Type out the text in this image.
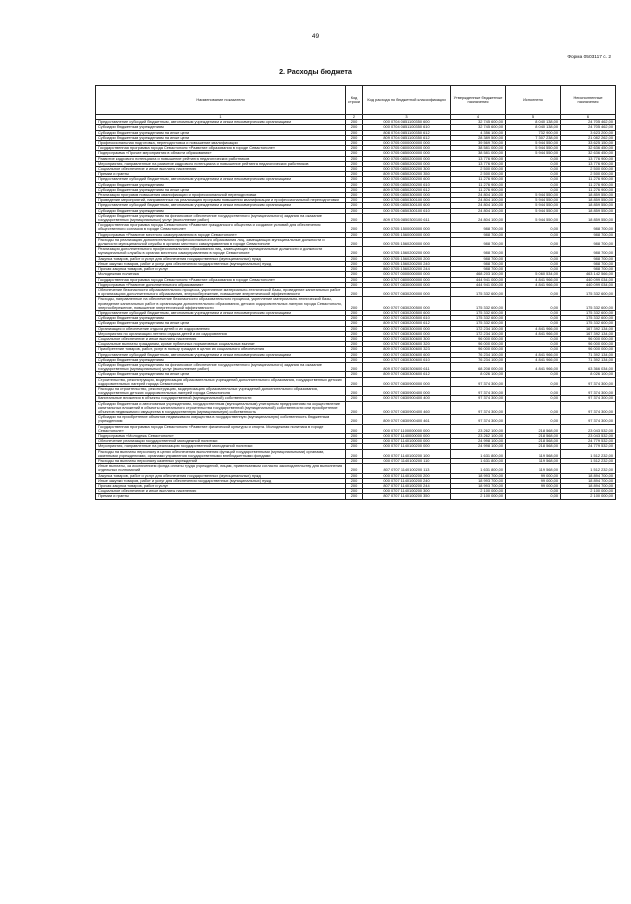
49
Форма 0503117 с. 2
2. Расходы бюджета
Наименование показателя	Код строки	Код расхода по бюджетной классификации	Утвержденные бюджетные назначения	Исполнено	Неисполненные назначения
1	2	3	4	5	6
Предоставление субсидий бюджетным, автономным учреждениям и иным некоммерческим организациям	200	000 0704 0851100350 600	32 745 600,00	8 040 138,00	24 705 462,00
Субсидии бюджетным учреждениям	200	000 0704 0851100350 610	32 745 600,00	8 040 138,00	24 705 462,00
Субсидии бюджетным учреждениям на иные цели	200	808 0704 0851100350 612	4 356 100,00	732 900,00	3 623 200,00
Субсидии бюджетным учреждениям на иные цели	200	809 0704 0851100350 612	28 389 500,00	7 307 238,00	21 082 262,00
Профессиональная подготовка, переподготовка и повышение квалификации	200	000 0705 0000000000 000	39 569 700,00	5 944 550,00	33 625 150,00
Государственная программа города Севастополя «Развитие образования в городе Севастополе»	200	000 0705 0800000000 000	38 581 000,00	5 944 550,00	32 636 450,00
Подпрограмма «Прочие мероприятия в области образования»	200	000 0705 0850000000 000	38 581 000,00	5 944 550,00	32 636 450,00
Развитие кадрового потенциала и повышение рейтинга педагогических работников	200	000 0705 0850200000 000	13 776 900,00	0,00	13 776 900,00
Мероприятия, направленные на развитие кадрового потенциала и повышение рейтинга педагогических работников	200	000 0705 0850200200 000	13 776 900,00	0,00	13 776 900,00
Социальное обеспечение и иные выплаты населению	200	000 0705 0850200200 300	2 500 000,00	0,00	2 500 000,00
Премии и гранты	200	809 0705 0850200200 350	2 500 000,00	0,00	2 500 000,00
Предоставление субсидий бюджетным, автономным учреждениям и иным некоммерческим организациям	200	000 0705 0850200200 600	11 276 900,00	0,00	11 276 900,00
Субсидии бюджетным учреждениям	200	000 0705 0850200200 610	11 276 900,00	0,00	11 276 900,00
Субсидии бюджетным учреждениям на иные цели	200	809 0705 0850200200 612	11 276 900,00	0,00	11 276 900,00
Реализация программ повышения квалификации и профессиональной переподготовки	200	000 0705 0850300000 000	24 804 100,00	5 944 550,00	18 859 550,00
Проведение мероприятий, направленных на реализацию программ повышения квалификации и профессиональной переподготовки	200	000 0705 0850300100 000	24 804 100,00	5 944 550,00	18 859 550,00
Предоставление субсидий бюджетным, автономным учреждениям и иным некоммерческим организациям	200	000 0705 0850300100 600	24 804 100,00	5 944 550,00	18 859 550,00
Субсидии бюджетным учреждениям	200	000 0705 0850300100 610	24 804 100,00	5 944 550,00	18 859 550,00
Субсидии бюджетным учреждениям на финансовое обеспечение государственного (муниципального) задания на оказание государственных (муниципальных) услуг (выполнение работ)	200	809 0705 0850300100 611	24 804 100,00	5 944 550,00	18 859 550,00
Государственная программа города Севастополя «Развитие гражданского общества и создание условий для обеспечения общественного согласия в городе Севастополе»	200	000 0705 1500000000 000	988 700,00	0,00	988 700,00
Подпрограмма «Развитие местного самоуправления в городе Севастополе»	200	000 0705 1560000000 000	988 700,00	0,00	988 700,00
Расходы на реализацию дополнительного профессионального образования лиц, замещающих муниципальные должности и должности муниципальной службы в органах местного самоуправления в городе Севастополе	200	000 0705 1560200000 000	988 700,00	0,00	988 700,00
Реализация дополнительного профессионального образования лиц, замещающих муниципальные должности и должности муниципальной службы в органах местного самоуправления в городе Севастополе	200	000 0705 1560200200 000	988 700,00	0,00	988 700,00
Закупка товаров, работ и услуг для обеспечения государственных (муниципальных) нужд	200	000 0705 1560200200 200	988 700,00	0,00	988 700,00
Иные закупки товаров, работ и услуг для обеспечения государственных (муниципальных) нужд	200	000 0705 1560200200 240	988 700,00	0,00	988 700,00
Прочая закупка товаров, работ и услуг	200	860 0705 1560200200 244	988 700,00	0,00	988 700,00
Молодежная политика	200	000 0707 0000000000 000	468 203 100,00	5 060 534,00	463 142 566,00
Государственная программа города Севастополя «Развитие образования в городе Севастополе»	200	000 0707 0800000000 000	444 941 000,00	4 841 966,00	440 099 034,00
Подпрограмма «Развитие дополнительного образования»	200	000 0707 0830000000 000	444 941 000,00	4 841 966,00	440 099 034,00
Обеспечение безопасности образовательного процесса, укрепление материально-технической базы, проведение капитальных работ в организациях дополнительного образования, энергосбережение, повышение энергетической эффективности	200	000 0707 0830200000 000	175 332 600,00	0,00	175 332 600,00
Расходы, направленные на обеспечение безопасности образовательного процесса, укрепление материально-технической базы, проведение капитальных работ в организации дополнительного образования, детских оздоровительных лагерях города Севастополя, энергосбережение, повышение энергетической эффективности	200	000 0707 0830200500 000	175 332 600,00	0,00	175 332 600,00
Предоставление субсидий бюджетным, автономным учреждениям и иным некоммерческим организациям	200	000 0707 0830200500 600	175 332 600,00	0,00	175 332 600,00
Субсидии бюджетным учреждениям	200	000 0707 0830200500 610	175 332 600,00	0,00	175 332 600,00
Субсидии бюджетным учреждениям на иные цели	200	809 0707 0830200500 612	175 332 600,00	0,00	175 332 600,00
Организация и обеспечение отдыха детей и их оздоровления	200	000 0707 0830300000 000	172 234 100,00	4 841 966,00	167 392 134,00
Мероприятия по организации летнего отдыха детей и их оздоровления	200	000 0707 0830300600 000	172 234 100,00	4 841 966,00	167 392 134,00
Социальное обеспечение и иные выплаты населению	200	000 0707 0830300600 300	96 000 000,00	0,00	96 000 000,00
Социальные выплаты гражданам, кроме публичных нормативных социальных выплат	200	000 0707 0830300600 320	96 000 000,00	0,00	96 000 000,00
Приобретение товаров, работ, услуг в пользу граждан в целях их социального обеспечения	200	809 0707 0830300600 323	96 000 000,00	0,00	96 000 000,00
Предоставление субсидий бюджетным, автономным учреждениям и иным некоммерческим организациям	200	000 0707 0830300600 600	76 234 100,00	4 841 966,00	71 392 134,00
Субсидии бюджетным учреждениям	200	000 0707 0830300600 610	76 234 100,00	4 841 966,00	71 392 134,00
Субсидии бюджетным учреждениям на финансовое обеспечение государственного (муниципального) задания на оказание государственных (муниципальных) услуг (выполнение работ)	200	809 0707 0830300600 611	68 208 000,00	4 841 966,00	63 366 034,00
Субсидии бюджетным учреждениям на иные цели	200	809 0707 0830300600 612	8 026 100,00	0,00	8 026 100,00
Строительство, реконструкция, модернизация образовательных учреждений дополнительного образования, государственных детских оздоровительных лагерей города Севастополя	200	000 0707 0830900000 000	97 374 300,00	0,00	97 374 300,00
Расходы на строительство, реконструкцию, модернизацию образовательных учреждений дополнительного образования, государственных детских оздоровительных лагерей города Севастополя	200	000 0707 0830900400 000	97 374 300,00	0,00	97 374 300,00
Капитальные вложения в объекты государственной (муниципальной) собственности	200	000 0707 0830900400 400	97 374 300,00	0,00	97 374 300,00
Субсидии бюджетным и автономным учреждениям, государственным (муниципальным) унитарным предприятиям на осуществление капитальных вложений в объекты капитального строительства государственной (муниципальной) собственности или приобретение объектов недвижимого имущества в государственную (муниципальную) собственность	200	000 0707 0830900400 460	97 374 300,00	0,00	97 374 300,00
Субсидии на приобретение объектов недвижимого имущества в государственную (муниципальную) собственность бюджетным учреждениям	200	809 0707 0830900400 461	97 374 300,00	0,00	97 374 300,00
Государственная программа города Севастополя «Развитие физической культуры и спорта. Молодежная политика в городе Севастополе»	200	000 0707 1100000000 000	23 262 100,00	218 568,00	23 043 532,00
Подпрограмма «Молодежь Севастополя»	200	000 0707 1140000000 000	23 262 100,00	218 568,00	23 043 532,00
Обеспечение реализации государственной молодежной политики	200	000 0707 1140100000 000	24 998 100,00	218 568,00	24 779 532,00
Мероприятия, направленные на реализацию государственной молодежной политики	200	000 0707 1140100200 000	24 998 100,00	218 568,00	24 779 532,00
Расходы на выплаты персоналу в целях обеспечения выполнения функций государственными (муниципальными) органами, казенными учреждениями, органами управления государственными внебюджетными фондами	200	000 0707 1140100200 100	1 631 800,00	119 568,00	1 512 232,00
Расходы на выплаты персоналу казенных учреждений	200	000 0707 1140100200 110	1 631 800,00	119 568,00	1 512 232,00
Иные выплаты, за исключением фонда оплаты труда учреждений, лицам, привлекаемым согласно законодательству для выполнения отдельных полномочий	200	807 0707 1140100200 113	1 631 800,00	119 568,00	1 512 232,00
Закупка товаров, работ и услуг для обеспечения государственных (муниципальных) нужд	200	000 0707 1140100200 200	18 993 700,00	99 000,00	18 894 700,00
Иные закупки товаров, работ и услуг для обеспечения государственных (муниципальных) нужд	200	000 0707 1140100200 240	18 993 700,00	99 000,00	18 894 700,00
Прочая закупка товаров, работ и услуг	200	807 0707 1140100200 244	18 993 700,00	99 000,00	18 894 700,00
Социальное обеспечение и иные выплаты населению	200	000 0707 1140100200 300	2 100 000,00	0,00	2 100 000,00
Премии и гранты	200	807 0707 1140100200 350	2 100 000,00	0,00	2 100 000,00
